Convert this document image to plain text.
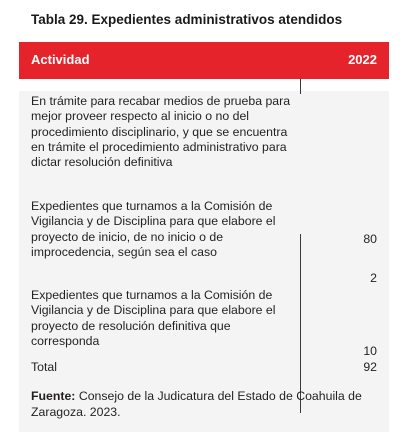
Tabla 29. Expedientes administrativos atendidos
Actividad	2022
En trámite para recabar medios de prueba para mejor proveer respecto al inicio o no del procedimiento disciplinario, y que se encuentra en trámite el procedimiento administrativo para dictar resolución definitiva
80
Expedientes que turnamos a la Comisión de Vigilancia y de Disciplina para que elabore el proyecto de inicio, de no inicio o de improcedencia, según sea el caso
2
Expedientes que turnamos a la Comisión de Vigilancia y de Disciplina para que elabore el proyecto de resolución definitiva que corresponda
10
Total	92
Fuente: Consejo de la Judicatura del Estado de Coahuila de Zaragoza. 2023.
